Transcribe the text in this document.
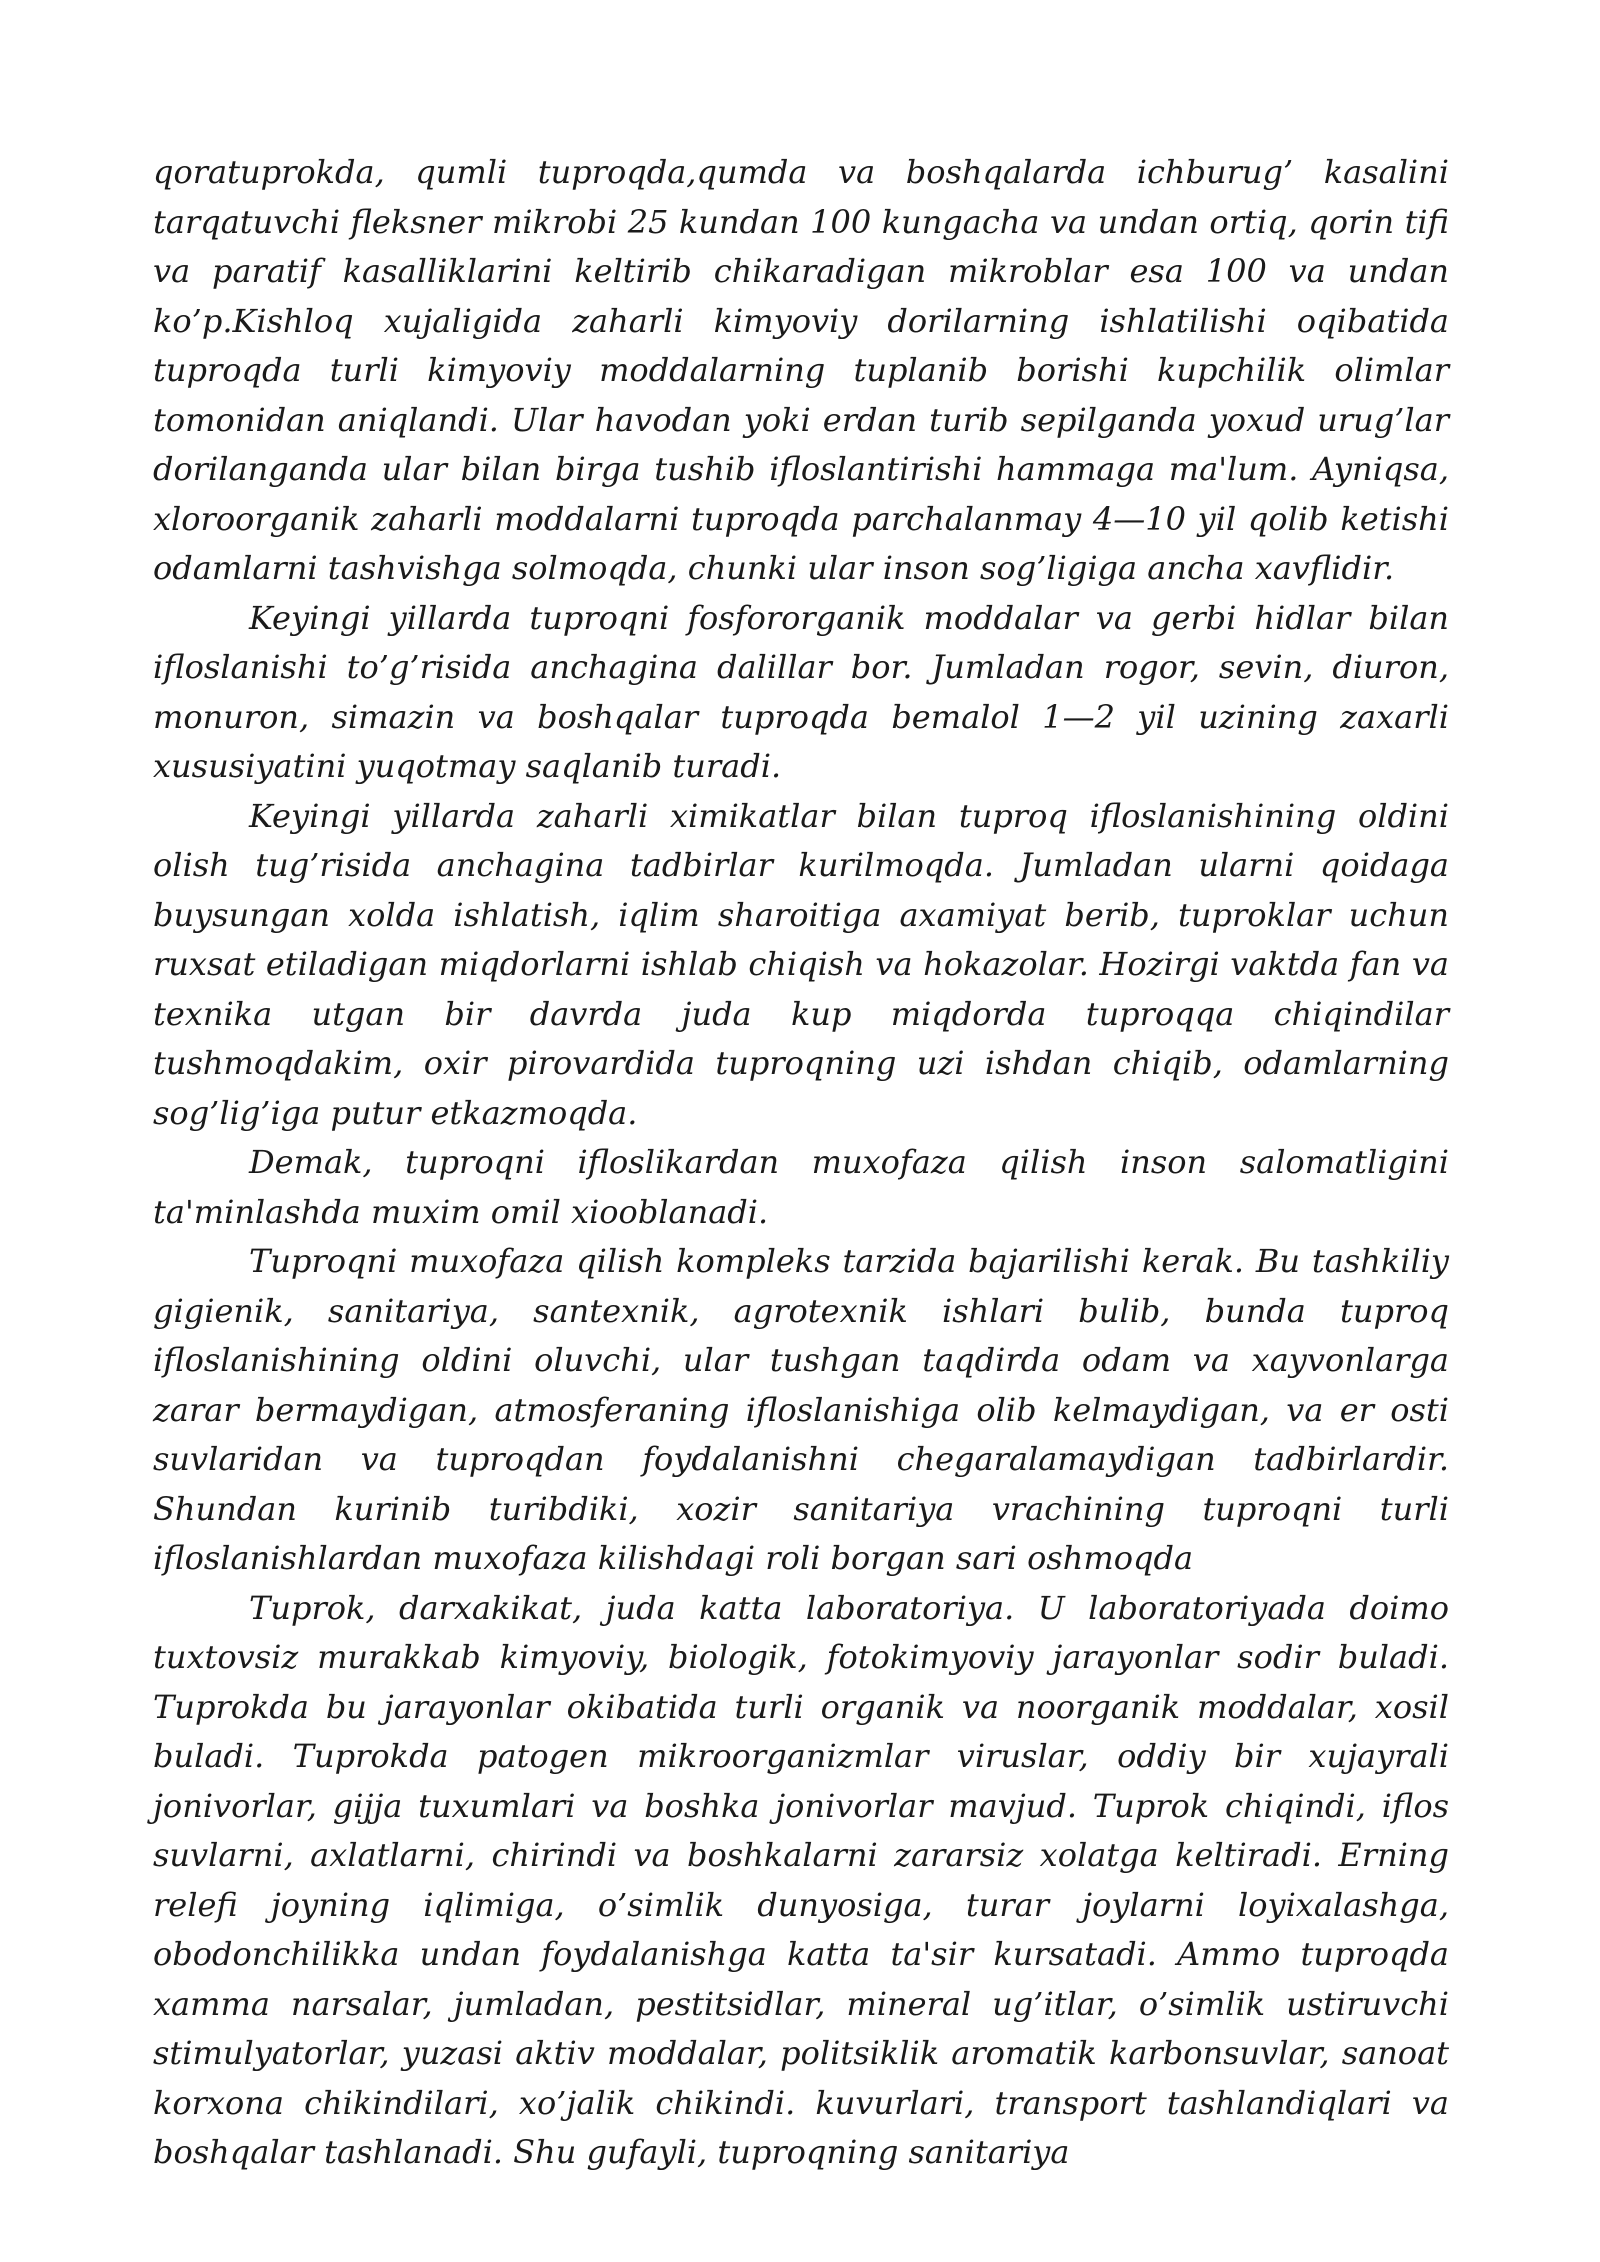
qoratuprokda, qumli tuproqda,qumda va boshqalarda ichburug’ kasalini tarqatuvchi fleksner mikrobi 25 kundan 100 kungacha va undan ortiq, qorin tifi va paratif kasalliklarini keltirib chikaradigan mikroblar esa 100 va undan ko’p.Kishloq xujaligida zaharli kimyoviy dorilarning ishlatilishi oqibatida tuproqda turli kimyoviy moddalarning tuplanib borishi kupchilik olimlar tomonidan aniqlandi. Ular havodan yoki erdan turib sepilganda yoxud urug’lar dorilanganda ular bilan birga tushib ifloslantirishi hammaga ma'lum. Ayniqsa, xloroorganik zaharli moddalarni tuproqda parchalanmay 4—10 yil qolib ketishi odamlarni tashvishga solmoqda, chunki ular inson sog’ligiga ancha xavflidir.

Keyingi yillarda tuproqni fosfororganik moddalar va gerbi hidlar bilan ifloslanishi to’g’risida anchagina dalillar bor. Jumladan rogor, sevin, diuron, monuron, simazin va boshqalar tuproqda bemalol 1—2 yil uzining zaxarli xususiyatini yuqotmay saqlanib turadi.

Keyingi yillarda zaharli ximikatlar bilan tuproq ifloslanishining oldini olish tug’risida anchagina tadbirlar kurilmoqda. Jumladan ularni qoidaga buysungan xolda ishlatish, iqlim sharoitiga axamiyat berib, tuproklar uchun ruxsat etiladigan miqdorlarni ishlab chiqish va hokazolar. Hozirgi vaktda fan va texnika utgan bir davrda juda kup miqdorda tuproqqa chiqindilar tushmoqdakim, oxir pirovardida tuproqning uzi ishdan chiqib, odamlarning sog’lig’iga putur etkazmoqda.

Demak, tuproqni ifloslikardan muxofaza qilish inson salomatligini ta'minlashda muxim omil xiooblanadi.

Tuproqni muxofaza qilish kompleks tarzida bajarilishi kerak. Bu tashkiliy gigienik, sanitariya, santexnik, agrotexnik ishlari bulib, bunda tuproq ifloslanishining oldini oluvchi, ular tushgan taqdirda odam va xayvonlarga zarar bermaydigan, atmosferaning ifloslanishiga olib kelmaydigan, va er osti suvlaridan va tuproqdan foydalanishni chegaralamaydigan tadbirlardir. Shundan kurinib turibdiki, xozir sanitariya vrachining tuproqni turli ifloslanishlardan muxofaza kilishdagi roli borgan sari oshmoqda

Tuprok, darxakikat, juda katta laboratoriya. U laboratoriyada doimo tuxtovsiz murakkab kimyoviy, biologik, fotokimyoviy jarayonlar sodir buladi. Tuprokda bu jarayonlar okibatida turli organik va noorganik moddalar, xosil buladi. Tuprokda patogen mikroorganizmlar viruslar, oddiy bir xujayrali jonivorlar, gijja tuxumlari va boshka jonivorlar mavjud. Tuprok chiqindi, iflos suvlarni, axlatlarni, chirindi va boshkalarni zararsiz xolatga keltiradi. Erning relefi joyning iqlimiga, o’simlik dunyosiga, turar joylarni loyixalashga, obodonchilikka undan foydalanishga katta ta'sir kursatadi. Ammo tuproqda xamma narsalar, jumladan, pestitsidlar, mineral ug’itlar, o’simlik ustiruvchi stimulyatorlar, yuzasi aktiv moddalar, politsiklik aromatik karbonsuvlar, sanoat korxona chikindilari, xo’jalik chikindi. kuvurlari, transport tashlandiqlari va boshqalar tashlanadi. Shu gufayli, tuproqning sanitariya
